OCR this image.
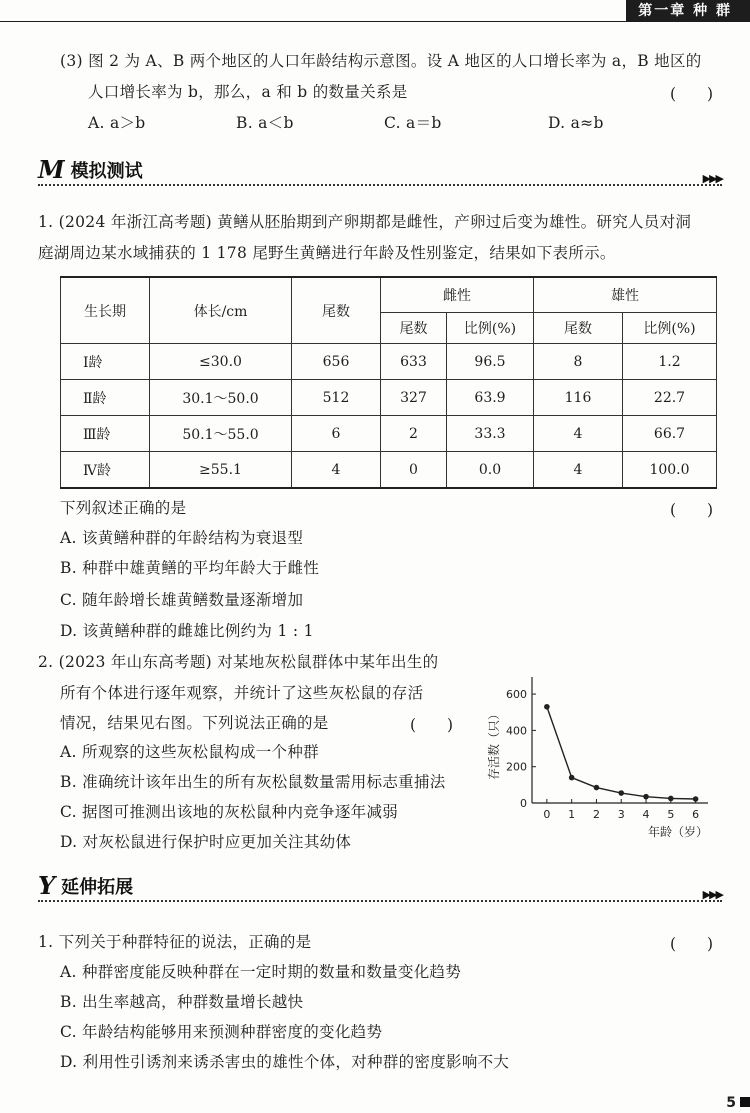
第一章 种 群
(3) 图 2 为 A、B 两个地区的人口年龄结构示意图。设 A 地区的人口增长率为 a，B 地区的
人口增长率为 b，那么，a 和 b 的数量关系是	(　　)
A. a＞b	B. a＜b	C. a＝b	D. a≈b
M 模拟测试	▶▶▶
1. (2024 年浙江高考题) 黄鳝从胚胎期到产卵期都是雌性，产卵过后变为雄性。研究人员对洞
庭湖周边某水域捕获的 1 178 尾野生黄鳝进行年龄及性别鉴定，结果如下表所示。
生长期	体长/cm	尾数	雌性		雄性	
			尾数	比例(%)	尾数	比例(%)
Ⅰ龄	≤30.0	656	633	96.5	8	1.2
Ⅱ龄	30.1～50.0	512	327	63.9	116	22.7
Ⅲ龄	50.1～55.0	6	2	33.3	4	66.7
Ⅳ龄	≥55.1	4	0	0.0	4	100.0
下列叙述正确的是	(　　)
A. 该黄鳝种群的年龄结构为衰退型
B. 种群中雄黄鳝的平均年龄大于雌性
C. 随年龄增长雄黄鳝数量逐渐增加
D. 该黄鳝种群的雌雄比例约为 1 : 1
2. (2023 年山东高考题) 对某地灰松鼠群体中某年出生的
所有个体进行逐年观察，并统计了这些灰松鼠的存活
情况，结果见右图。下列说法正确的是	(　　)
A. 所观察的这些灰松鼠构成一个种群
B. 准确统计该年出生的所有灰松鼠数量需用标志重捕法
C. 据图可推测出该地的灰松鼠种内竞争逐年减弱
D. 对灰松鼠进行保护时应更加关注其幼体
0
200
400
600
0 1 2 3 4 5 6
年龄（岁）
存活数（只）
Y 延伸拓展	▶▶▶
1. 下列关于种群特征的说法，正确的是	(　　)
A. 种群密度能反映种群在一定时期的数量和数量变化趋势
B. 出生率越高，种群数量增长越快
C. 年龄结构能够用来预测种群密度的变化趋势
D. 利用性引诱剂来诱杀害虫的雄性个体，对种群的密度影响不大
5
